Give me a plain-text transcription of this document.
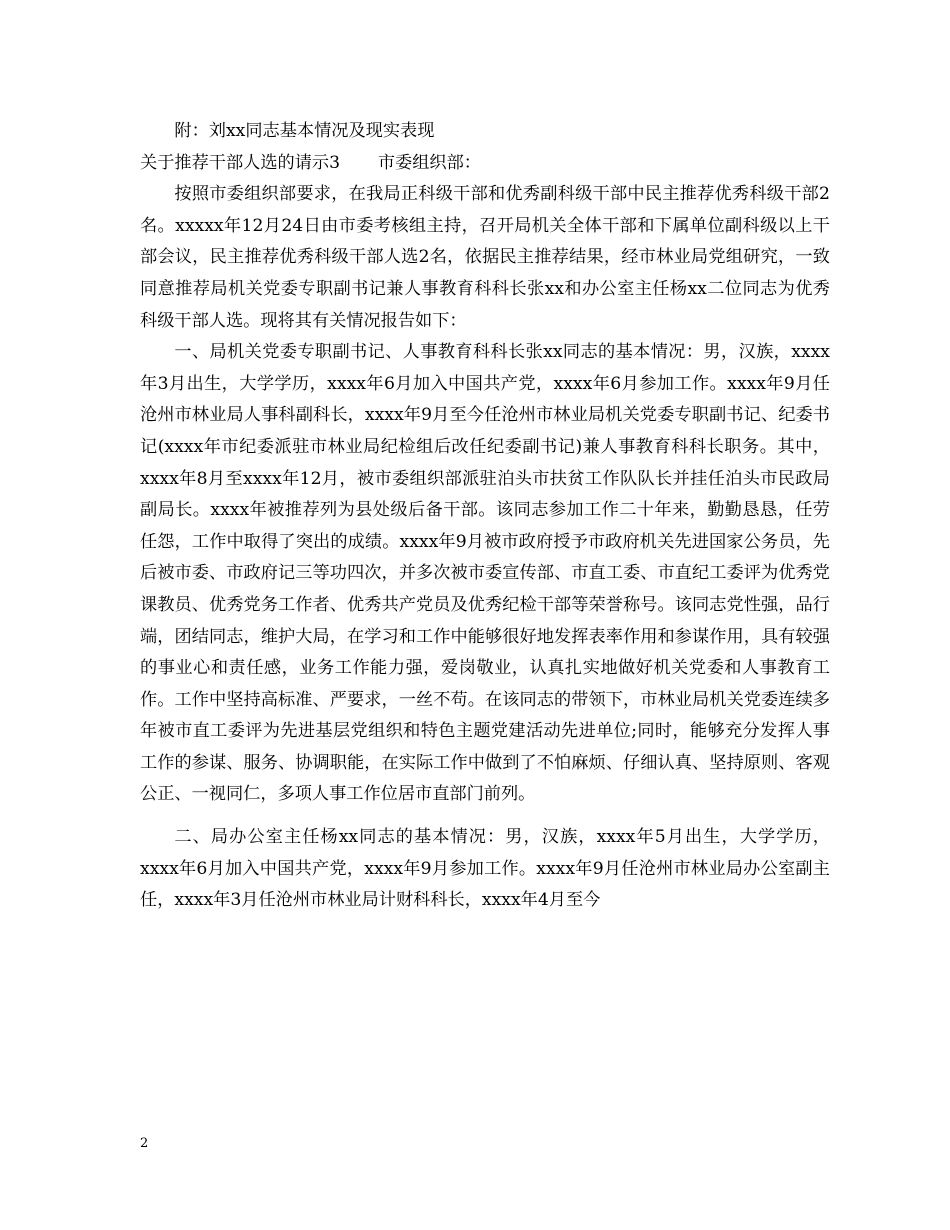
附：刘xx同志基本情况及现实表现

关于推荐干部人选的请示3 市委组织部：

按照市委组织部要求，在我局正科级干部和优秀副科级干部中民主推荐优秀科级干部2名。xxxxx年12月24日由市委考核组主持，召开局机关全体干部和下属单位副科级以上干部会议，民主推荐优秀科级干部人选2名，依据民主推荐结果，经市林业局党组研究，一致同意推荐局机关党委专职副书记兼人事教育科科长张xx和办公室主任杨xx二位同志为优秀科级干部人选。现将其有关情况报告如下：

一、局机关党委专职副书记、人事教育科科长张xx同志的基本情况：男，汉族，xxxx年3月出生，大学学历，xxxx年6月加入中国共产党，xxxx年6月参加工作。xxxx年9月任沧州市林业局人事科副科长，xxxx年9月至今任沧州市林业局机关党委专职副书记、纪委书记(xxxx年市纪委派驻市林业局纪检组后改任纪委副书记)兼人事教育科科长职务。其中，xxxx年8月至xxxx年12月，被市委组织部派驻泊头市扶贫工作队队长并挂任泊头市民政局副局长。xxxx年被推荐列为县处级后备干部。该同志参加工作二十年来，勤勤恳恳，任劳任怨，工作中取得了突出的成绩。xxxx年9月被市政府授予市政府机关先进国家公务员，先后被市委、市政府记三等功四次，并多次被市委宣传部、市直工委、市直纪工委评为优秀党课教员、优秀党务工作者、优秀共产党员及优秀纪检干部等荣誉称号。该同志党性强，品行端，团结同志，维护大局，在学习和工作中能够很好地发挥表率作用和参谋作用，具有较强的事业心和责任感，业务工作能力强，爱岗敬业，认真扎实地做好机关党委和人事教育工作。工作中坚持高标准、严要求，一丝不苟。在该同志的带领下，市林业局机关党委连续多年被市直工委评为先进基层党组织和特色主题党建活动先进单位;同时，能够充分发挥人事工作的参谋、服务、协调职能，在实际工作中做到了不怕麻烦、仔细认真、坚持原则、客观公正、一视同仁，多项人事工作位居市直部门前列。

二、局办公室主任杨xx同志的基本情况：男，汉族，xxxx年5月出生，大学学历，xxxx年6月加入中国共产党，xxxx年9月参加工作。xxxx年9月任沧州市林业局办公室副主任，xxxx年3月任沧州市林业局计财科科长，xxxx年4月至今

2
